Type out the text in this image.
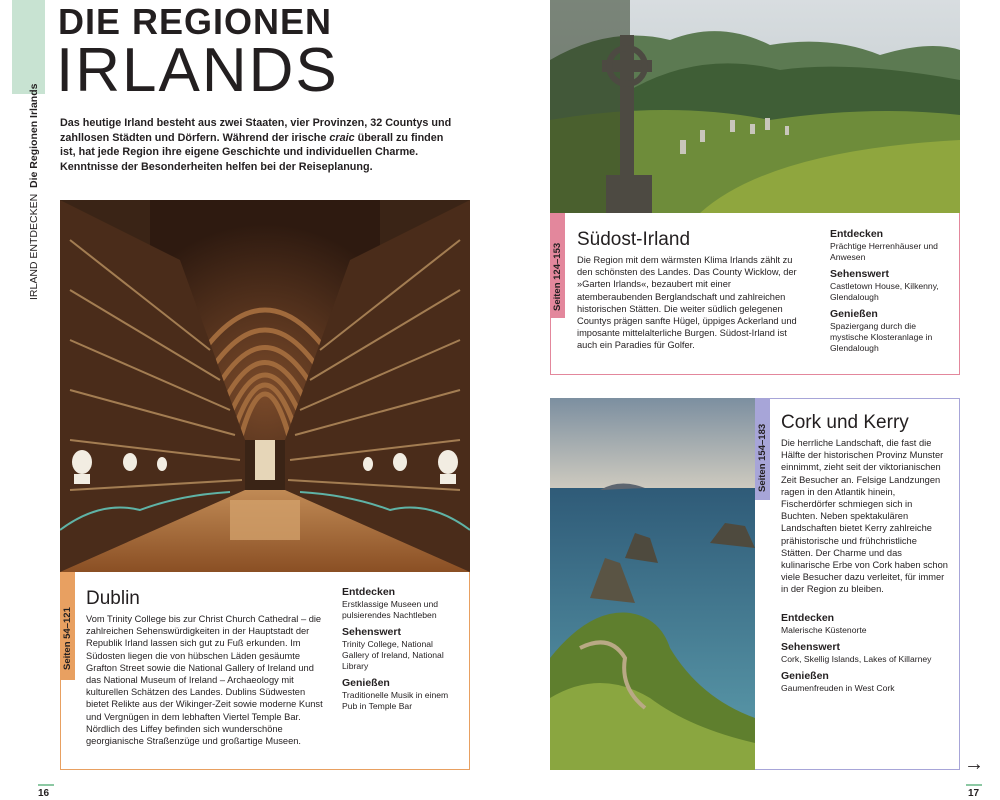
DIE REGIONEN
IRLANDS
IRLAND ENTDECKEN  Die Regionen Irlands Das heutige Irland besteht aus zwei Staaten, vier Provinzen, 32 Countys und zahllosen Städten und Dörfern. Während der irische craic überall zu finden ist, hat jede Region ihre eigene Geschichte und individuellen Charme. Kenntnisse der Besonderheiten helfen bei der Reiseplanung.
Seiten 54–121
Dublin
Vom Trinity College bis zur Christ Church Cathedral – die zahlreichen Sehenswürdigkeiten in der Hauptstadt der Republik Irland lassen sich gut zu Fuß erkunden. Im Südosten liegen die von hübschen Läden gesäumte Grafton Street sowie die National Gallery of Ireland und das National Museum of Ireland – Archaeology mit kulturellen Schätzen des Landes. Dublins Südwesten bietet Relikte aus der Wikinger-Zeit sowie moderne Kunst und Vergnügen in dem lebhaften Viertel Temple Bar. Nördlich des Liffey befinden sich wunderschöne georgianische Straßenzüge und großartige Museen.
Entdecken

Erstklassige Museen und pulsierendes Nachtleben

Sehenswert

Trinity College, National Gallery of Ireland, National Library

Genießen

Traditionelle Musik in einem Pub in Temple Bar

16
Seiten 124–153
Südost-Irland
Die Region mit dem wärmsten Klima Irlands zählt zu den schönsten des Landes. Das County Wicklow, der »Garten Irlands«, bezaubert mit einer atemberaubenden Berglandschaft und zahlreichen historischen Stätten. Die weiter südlich gelegenen Countys prägen sanfte Hügel, üppiges Ackerland und imposante mittelalterliche Burgen. Südost-Irland ist auch ein Paradies für Golfer.
Entdecken

Prächtige Herrenhäuser und Anwesen

Sehenswert

Castletown House, Kilkenny, Glendalough

Genießen

Spaziergang durch die mystische Klosteranlage in Glendalough

Seiten 154–183
Cork und Kerry
Die herrliche Landschaft, die fast die Hälfte der historischen Provinz Munster einnimmt, zieht seit der viktorianischen Zeit Besucher an. Felsige Landzungen ragen in den Atlantik hinein, Fischerdörfer schmiegen sich in Buchten. Neben spektakulären Landschaften bietet Kerry zahlreiche prähistorische und frühchristliche Stätten. Der Charme und das kulinarische Erbe von Cork haben schon viele Besucher dazu verleitet, für immer in der Region zu bleiben.
Entdecken

Malerische Küstenorte

Sehenswert

Cork, Skellig Islands, Lakes of Killarney

Genießen

Gaumenfreuden in West Cork

→
17
